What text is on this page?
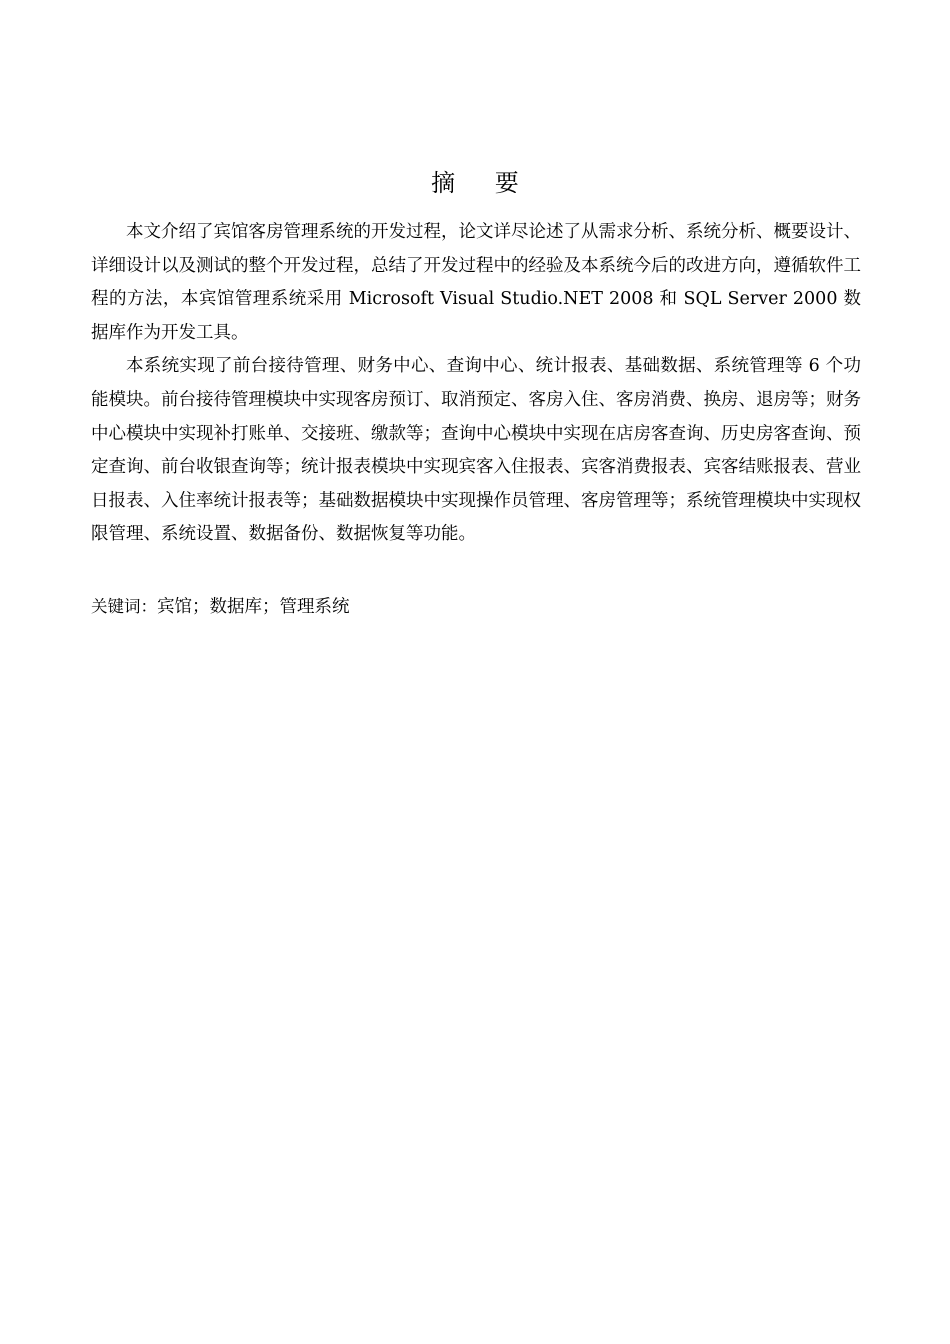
摘 要

本文介绍了宾馆客房管理系统的开发过程，论文详尽论述了从需求分析、系统分析、概要设计、详细设计以及测试的整个开发过程，总结了开发过程中的经验及本系统今后的改进方向，遵循软件工程的方法，本宾馆管理系统采用 Microsoft Visual Studio.NET 2008 和 SQL Server 2000 数据库作为开发工具。

本系统实现了前台接待管理、财务中心、查询中心、统计报表、基础数据、系统管理等 6 个功能模块。前台接待管理模块中实现客房预订、取消预定、客房入住、客房消费、换房、退房等；财务中心模块中实现补打账单、交接班、缴款等；查询中心模块中实现在店房客查询、历史房客查询、预定查询、前台收银查询等；统计报表模块中实现宾客入住报表、宾客消费报表、宾客结账报表、营业日报表、入住率统计报表等；基础数据模块中实现操作员管理、客房管理等；系统管理模块中实现权限管理、系统设置、数据备份、数据恢复等功能。

关键词：宾馆；数据库；管理系统
